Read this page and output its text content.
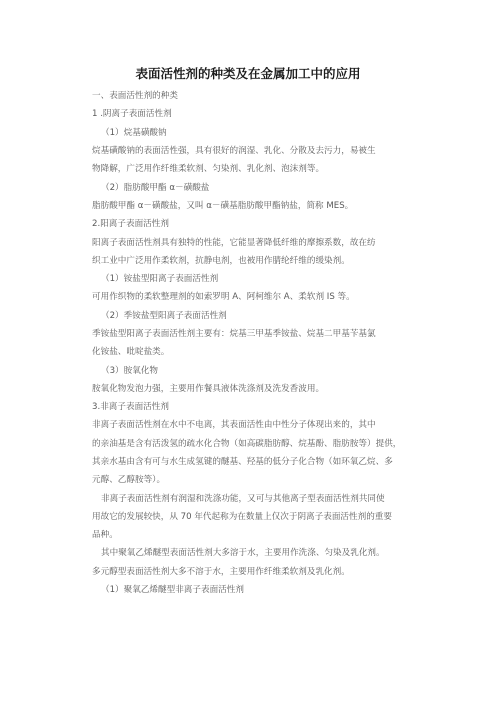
表面活性剂的种类及在金属加工中的应用
一、表面活性剂的种类
1 .阴离子表面活性剂
（1）烷基磺酸钠
烷基磺酸钠的表面活性强，具有很好的润湿、乳化、分散及去污力，易被生
物降解，广泛用作纤维柔软剂、匀染剂、乳化剂、泡沫剂等。
（2）脂肪酸甲酯 α－磺酸盐
脂肪酸甲酯 α－磺酸盐，又叫 α－磺基脂肪酸甲酯钠盐，简称 MES。
2.阳离子表面活性剂
阳离子表面活性剂具有独特的性能，它能显著降低纤维的摩擦系数，故在纺
织工业中广泛用作柔软剂，抗静电剂，也被用作腈纶纤维的缓染剂。
（1）铵盐型阳离子表面活性剂
可用作织物的柔软整理剂的如索罗明 A、阿柯维尔 A、柔软剂 IS 等。
（2）季铵盐型阳离子表面活性剂
季铵盐型阳离子表面活性剂主要有：烷基三甲基季铵盐、烷基二甲基苄基氯
化铵盐、吡啶盐类。
（3）胺氧化物
胺氧化物发泡力强，主要用作餐具液体洗涤剂及洗发香波用。
3.非离子表面活性剂
非离子表面活性剂在水中不电离，其表面活性由中性分子体现出来的，其中
的亲油基是含有活泼氢的疏水化合物（如高碳脂肪醇、烷基酚、脂肪胺等）提供，
其亲水基由含有可与水生成氢键的醚基、羟基的低分子化合物（如环氧乙烷、多
元醇、乙醇胺等）。
非离子表面活性剂有润湿和洗涤功能，又可与其他离子型表面活性剂共同使
用故它的发展较快，从 70 年代起称为在数量上仅次于阴离子表面活性剂的重要
品种。
其中聚氧乙烯醚型表面活性剂大多溶于水，主要用作洗涤、匀染及乳化剂。
多元醇型表面活性剂大多不溶于水，主要用作纤维柔软剂及乳化剂。
（1）聚氧乙烯醚型非离子表面活性剂
